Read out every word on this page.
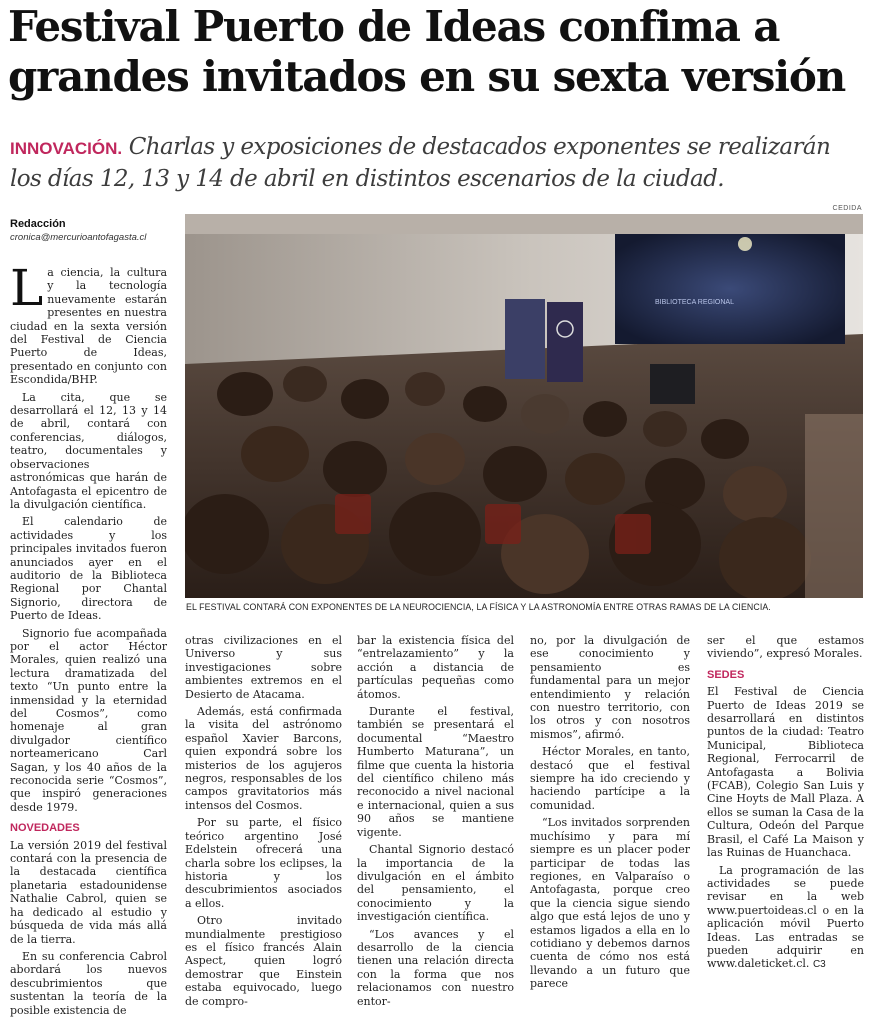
Festival Puerto de Ideas confima a grandes invitados en su sexta versión

INNOVACIÓN. Charlas y exposiciones de destacados exponentes se realizarán los días 12, 13 y 14 de abril en distintos escenarios de la ciudad.

Redacción
cronica@mercurioantofagasta.cl
CEDIDA
BIBLIOTECA REGIONAL
EL FESTIVAL CONTARÁ CON EXPONENTES DE LA NEUROCIENCIA, LA FÍSICA Y LA ASTRONOMÍA ENTRE OTRAS RAMAS DE LA CIENCIA.

La ciencia, la cultura y la tecnología nuevamente estarán presentes en nuestra ciudad en la sexta versión del Festival de Ciencia Puerto de Ideas, presentado en conjunto con Escondida/BHP.

La cita, que se desarrollará el 12, 13 y 14 de abril, contará con conferencias, diálogos, teatro, documentales y observaciones astronómicas que harán de Antofagasta el epicentro de la divulgación científica.

El calendario de actividades y los principales invitados fueron anunciados ayer en el auditorio de la Biblioteca Regional por Chantal Signorio, directora de Puerto de Ideas.

Signorio fue acompañada por el actor Héctor Morales, quien realizó una lectura dramatizada del texto “Un punto entre la inmensidad y la eternidad del Cosmos”, como homenaje al gran divulgador científico norteamericano Carl Sagan, y los 40 años de la reconocida serie “Cosmos”, que inspiró generaciones desde 1979.

NOVEDADES

La versión 2019 del festival contará con la presencia de la destacada científica planetaria estadounidense Nathalie Cabrol, quien se ha dedicado al estudio y búsqueda de vida más allá de la tierra.

En su conferencia Cabrol abordará los nuevos descubrimientos que sustentan la teoría de la posible existencia de

otras civilizaciones en el Universo y sus investigaciones sobre ambientes extremos en el Desierto de Atacama.

Además, está confirmada la visita del astrónomo español Xavier Barcons, quien expondrá sobre los misterios de los agujeros negros, responsables de los campos gravitatorios más intensos del Cosmos.

Por su parte, el físico teórico argentino José Edelstein ofrecerá una charla sobre los eclipses, la historia y los descubrimientos asociados a ellos.

Otro invitado mundialmente prestigioso es el físico francés Alain Aspect, quien logró demostrar que Einstein estaba equivocado, luego de compro-

bar la existencia física del “entrelazamiento” y la acción a distancia de partículas pequeñas como átomos.

Durante el festival, también se presentará el documental “Maestro Humberto Maturana”, un filme que cuenta la historia del científico chileno más reconocido a nivel nacional e internacional, quien a sus 90 años se mantiene vigente.

Chantal Signorio destacó la importancia de la divulgación en el ámbito del pensamiento, el conocimiento y la investigación científica.

“Los avances y el desarrollo de la ciencia tienen una relación directa con la forma que nos relacionamos con nuestro entor-

no, por la divulgación de ese conocimiento y pensamiento es fundamental para un mejor entendimiento y relación con nuestro territorio, con los otros y con nosotros mismos”, afirmó.

Héctor Morales, en tanto, destacó que el festival siempre ha ido creciendo y haciendo partícipe a la comunidad.

“Los invitados sorprenden muchísimo y para mí siempre es un placer poder participar de todas las regiones, en Valparaíso o Antofagasta, porque creo que la ciencia sigue siendo algo que está lejos de uno y estamos ligados a ella en lo cotidiano y debemos darnos cuenta de cómo nos está llevando a un futuro que parece

ser el que estamos viviendo”, expresó Morales.

SEDES

El Festival de Ciencia Puerto de Ideas 2019 se desarrollará en distintos puntos de la ciudad: Teatro Municipal, Biblioteca Regional, Ferrocarril de Antofagasta a Bolivia (FCAB), Colegio San Luis y Cine Hoyts de Mall Plaza. A ellos se suman la Casa de la Cultura, Odeón del Parque Brasil, el Café La Maison y las Ruinas de Huanchaca.

La programación de las actividades se puede revisar en la web www.puertoideas.cl o en la aplicación móvil Puerto Ideas. Las entradas se pueden adquirir en www.daleticket.cl. C3
